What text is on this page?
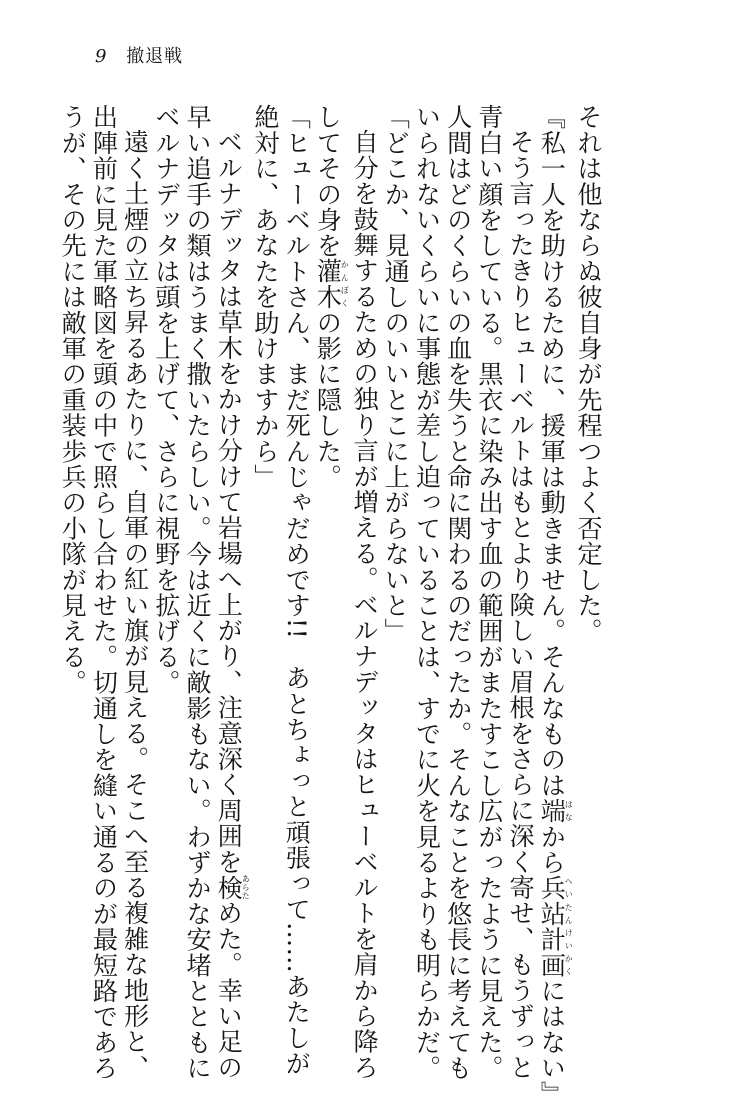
9 撤退戦

それは他ならぬ彼自身が先程つよく否定した。

『私一人を助けるために、援軍は動きません。そんなものは端はなから兵站計画へいたんけいかくにはない』

そう言ったきりヒューベルトはもとより険しい眉根をさらに深く寄せ、もうずっと

青白い顔をしている。黒衣に染み出す血の範囲がまたすこし広がったように見えた。

人間はどのくらいの血を失うと命に関わるのだったか。そんなことを悠長に考えても

いられないくらいに事態が差し迫っていることは、すでに火を見るよりも明らかだ。

「どこか、見通しのいいとこに上がらないと」

自分を鼓舞するための独り言が増える。ベルナデッタはヒューベルトを肩から降ろ

してその身を灌木かんぼくの影に隠した。

「ヒューベルトさん、まだ死んじゃだめです!!　あとちょっと頑張って……あたしが

絶対に、あなたを助けますから」

ベルナデッタは草木をかけ分けて岩場へ上がり、注意深く周囲を検あらためた。幸い足の

早い追手の類はうまく撒いたらしい。今は近くに敵影もない。わずかな安堵とともに

ベルナデッタは頭を上げて、さらに視野を拡げる。

遠く土煙の立ち昇るあたりに、自軍の紅い旗が見える。そこへ至る複雑な地形と、

出陣前に見た軍略図を頭の中で照らし合わせた。切通しを縫い通るのが最短路であろ

うが、その先には敵軍の重装歩兵の小隊が見える。
